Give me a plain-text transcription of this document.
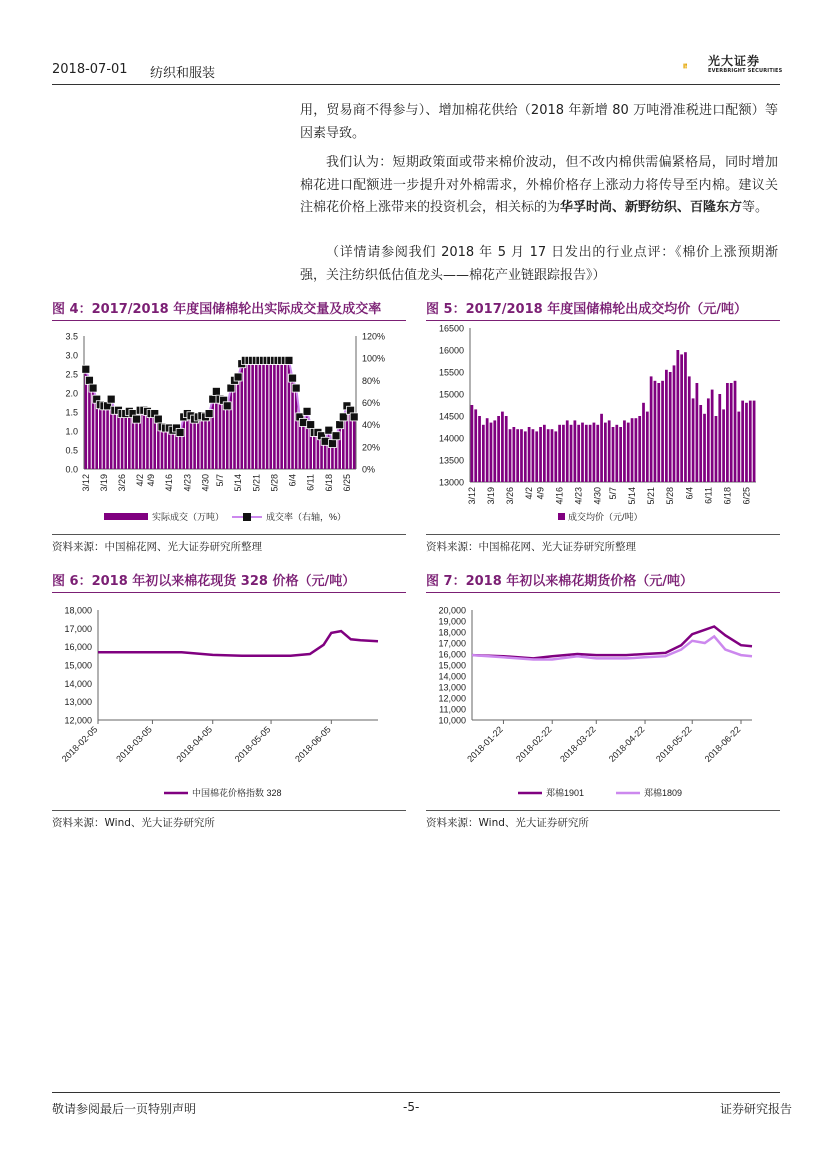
2018-07-01 纺织和服装
光大证券
EVERBRIGHT SECURITIES
用，贸易商不得参与）、增加棉花供给（2018 年新增 80 万吨滑准税进口配额）等因素导致。
我们认为：短期政策面或带来棉价波动，但不改内棉供需偏紧格局，同时增加棉花进口配额进一步提升对外棉需求，外棉价格存上涨动力将传导至内棉。建议关注棉花价格上涨带来的投资机会，相关标的为华孚时尚、新野纺织、百隆东方等。
（详情请参阅我们 2018 年 5 月 17 日发出的行业点评：《棉价上涨预期渐强，关注纺织低估值龙头——棉花产业链跟踪报告》）
图 4：2017/2018 年度国储棉轮出实际成交量及成交率	图 5：2017/2018 年度国储棉轮出成交均价（元/吨）
资料来源：中国棉花网、光大证券研究所整理	资料来源：中国棉花网、光大证券研究所整理
图 6：2018 年初以来棉花现货 328 价格（元/吨）	图 7：2018 年初以来棉花期货价格（元/吨）
资料来源：Wind、光大证券研究所	资料来源：Wind、光大证券研究所
0.0
0.5
1.0
1.5
2.0
2.5
3.0
3.5
3/12 3/19 3/26 4/2 4/9 4/16 4/23 4/30 5/7 5/14 5/21 5/28 6/4 6/11 6/18 6/25
0%
20%
40%
60%
80%
100%
120%
实际成交（万吨）	成交率（右轴，%）
13000
13500
14000
14500
15000
15500
16000
16500
3/12 3/19 3/26 4/2 4/9 4/16 4/23 4/30 5/7 5/14 5/21 5/28 6/4 6/11 6/18 6/25
成交均价（元/吨）
12,000
13,000
14,000
15,000
16,000
17,000
18,000
2018-02-05 2018-03-05 2018-04-05 2018-05-05 2018-06-05
中国棉花价格指数 328
10,000
11,000
12,000
13,000
14,000
15,000
16,000
17,000
18,000
19,000
20,000
2018-01-22 2018-02-22 2018-03-22 2018-04-22 2018-05-22 2018-06-22
郑棉1901	郑棉1809
敬请参阅最后一页特别声明	-5-	证券研究报告
